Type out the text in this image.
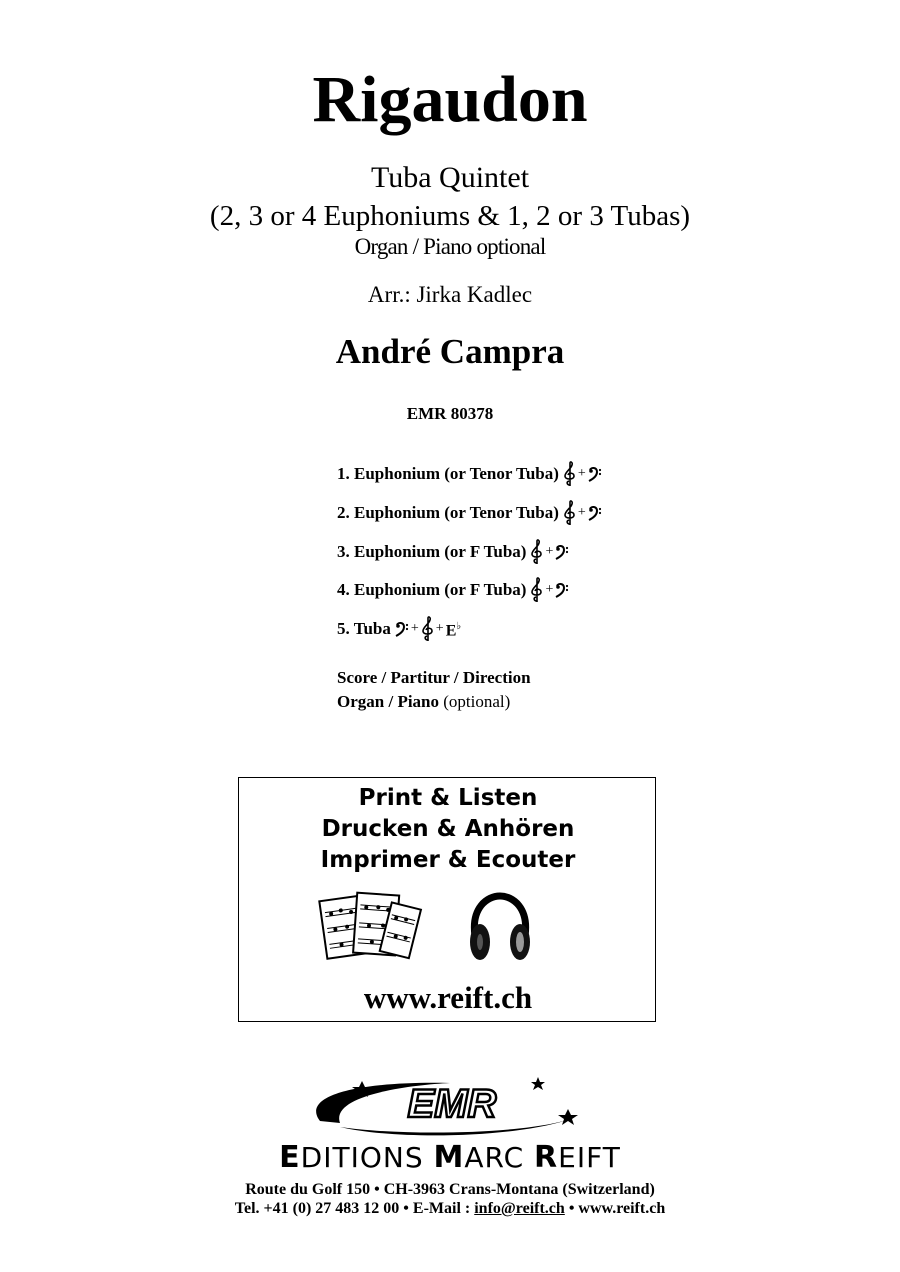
Rigaudon
Tuba Quintet
(2, 3 or 4 Euphoniums & 1, 2 or 3 Tubas)
Organ / Piano optional
Arr.: Jirka Kadlec
André Campra
EMR 80378
1. Euphonium (or Tenor Tuba) +
2. Euphonium (or Tenor Tuba) +
3. Euphonium (or F Tuba) +
4. Euphonium (or F Tuba) +
5. Tuba + + E♭
Score / Partitur / Direction
Organ / Piano (optional)
Print & Listen
Drucken & Anhören
Imprimer & Ecouter
www.reift.ch
EMR
EDITIONS MARC REIFT
Route du Golf 150 • CH-3963 Crans-Montana (Switzerland)
Tel. +41 (0) 27 483 12 00 • E-Mail : info@reift.ch • www.reift.ch
